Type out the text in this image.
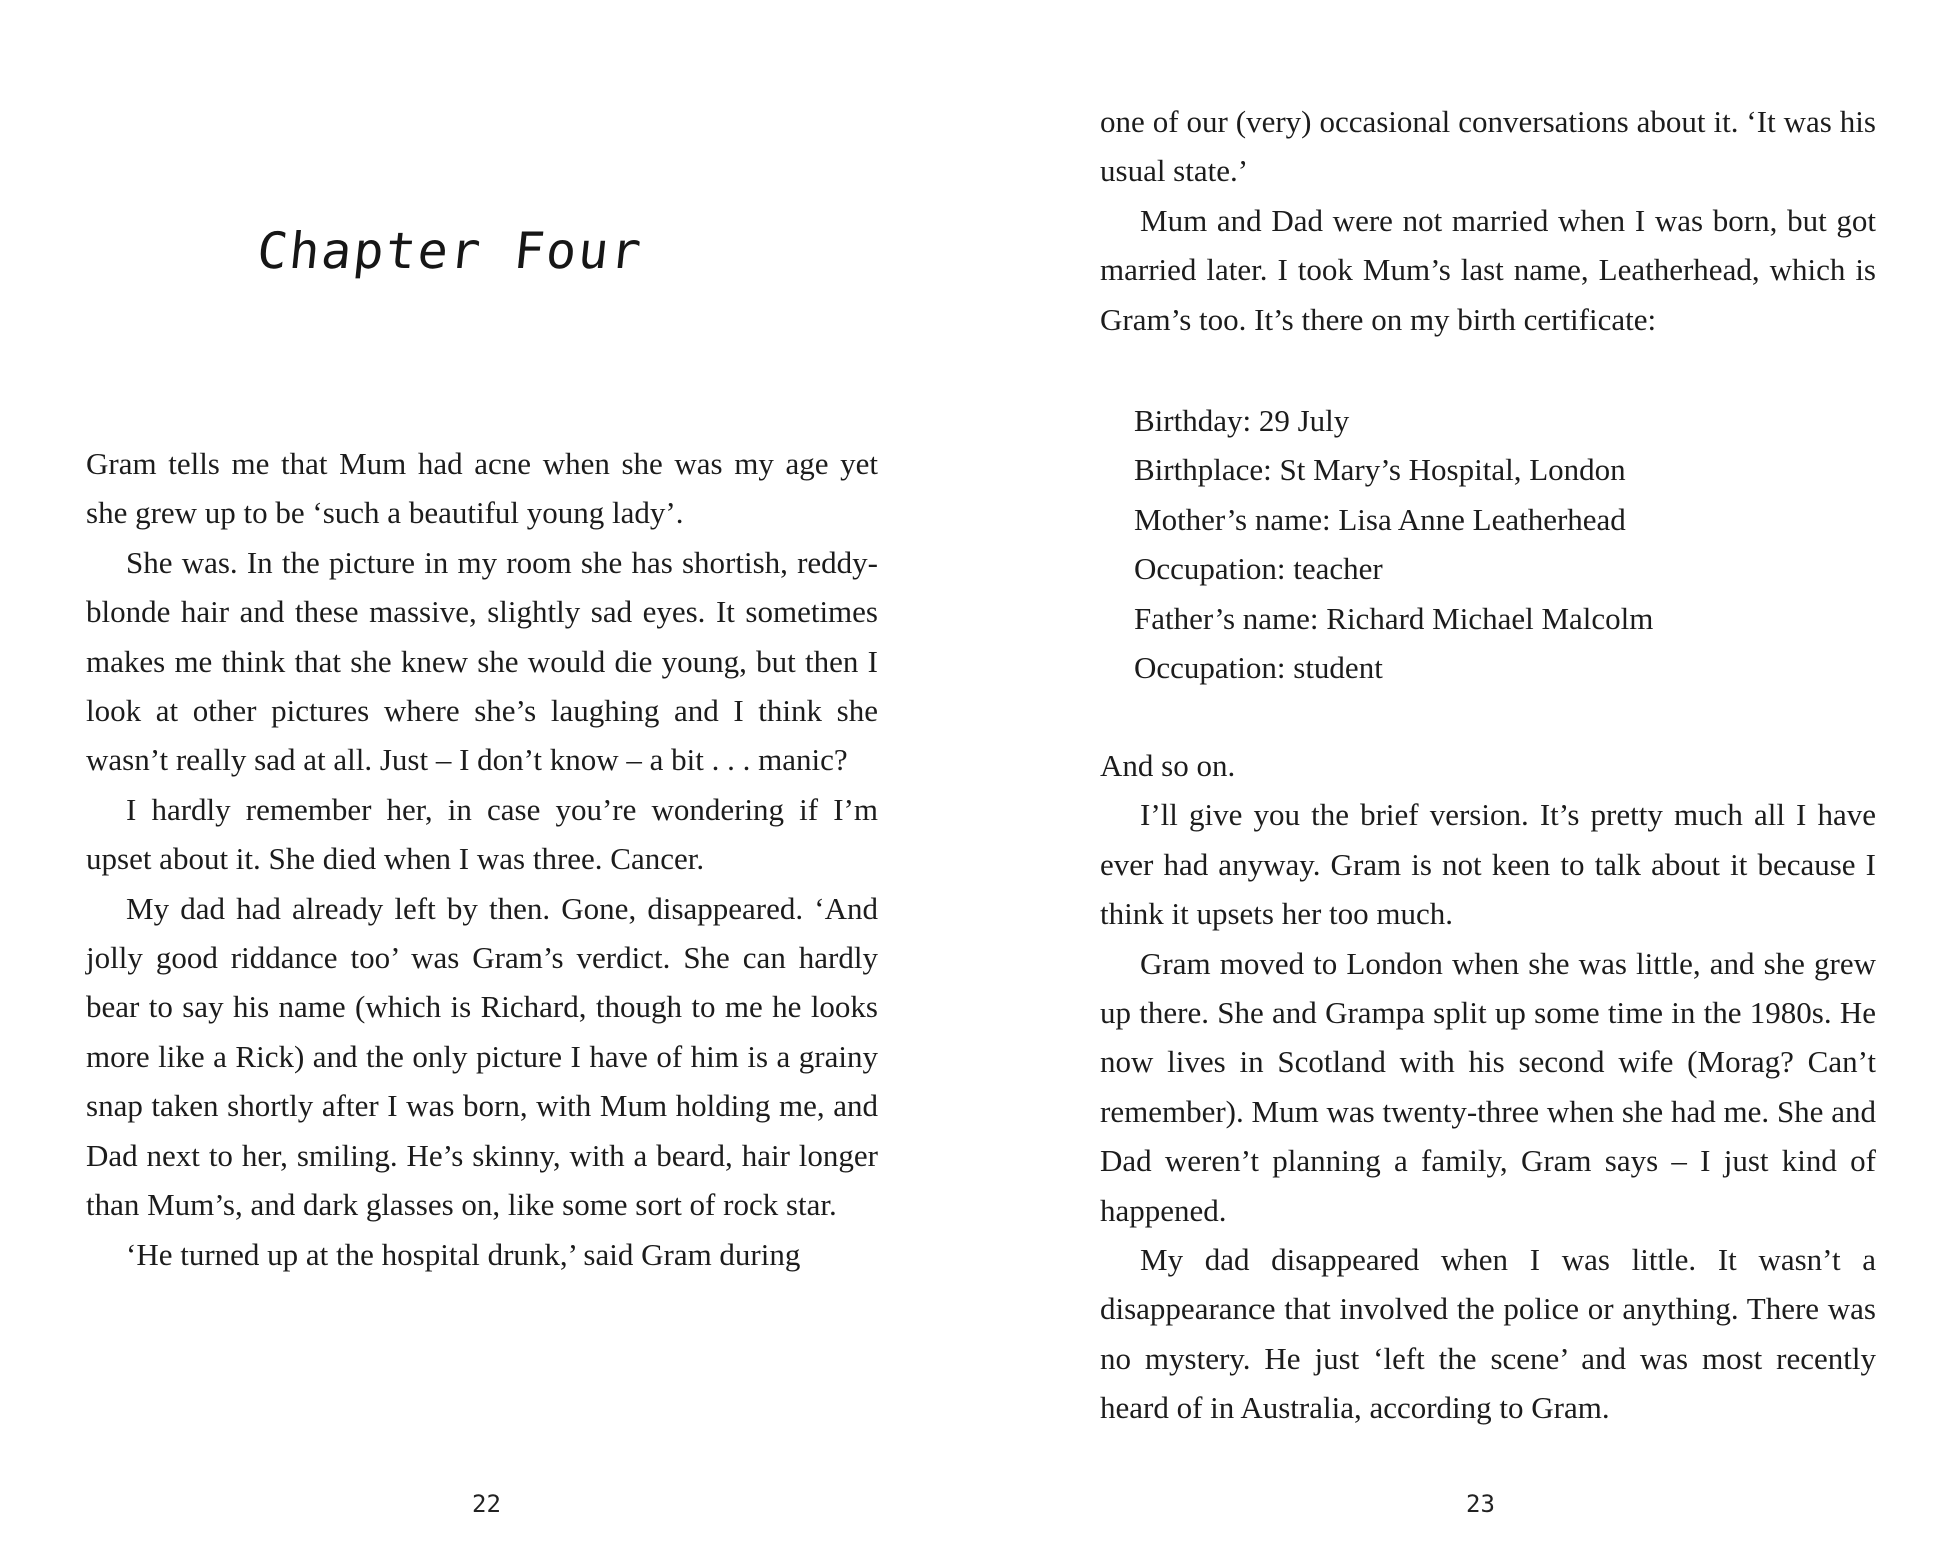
Chapter Four

Gram tells me that Mum had acne when she was my age yet she grew up to be ‘such a beautiful young lady’.

She was. In the picture in my room she has shortish, reddy-blonde hair and these massive, slightly sad eyes. It sometimes makes me think that she knew she would die young, but then I look at other pictures where she’s laughing and I think she wasn’t really sad at all. Just – I don’t know – a bit . . . manic?

I hardly remember her, in case you’re wondering if I’m upset about it. She died when I was three. Cancer.

My dad had already left by then. Gone, disappeared. ‘And jolly good riddance too’ was Gram’s verdict. She can hardly bear to say his name (which is Richard, though to me he looks more like a Rick) and the only picture I have of him is a grainy snap taken shortly after I was born, with Mum holding me, and Dad next to her, smiling. He’s skinny, with a beard, hair longer than Mum’s, and dark glasses on, like some sort of rock star.

‘He turned up at the hospital drunk,’ said Gram during

22

one of our (very) occasional conversations about it. ‘It was his usual state.’

Mum and Dad were not married when I was born, but got married later. I took Mum’s last name, Leatherhead, which is Gram’s too. It’s there on my birth certificate:

Birthday: 29 July
Birthplace: St Mary’s Hospital, London
Mother’s name: Lisa Anne Leatherhead
Occupation: teacher
Father’s name: Richard Michael Malcolm
Occupation: student

And so on.

I’ll give you the brief version. It’s pretty much all I have ever had anyway. Gram is not keen to talk about it because I think it upsets her too much.

Gram moved to London when she was little, and she grew up there. She and Grampa split up some time in the 1980s. He now lives in Scotland with his second wife (Morag? Can’t remember). Mum was twenty-three when she had me. She and Dad weren’t planning a family, Gram says – I just kind of happened.

My dad disappeared when I was little. It wasn’t a disappearance that involved the police or anything. There was no mystery. He just ‘left the scene’ and was most recently heard of in Australia, according to Gram.

23
